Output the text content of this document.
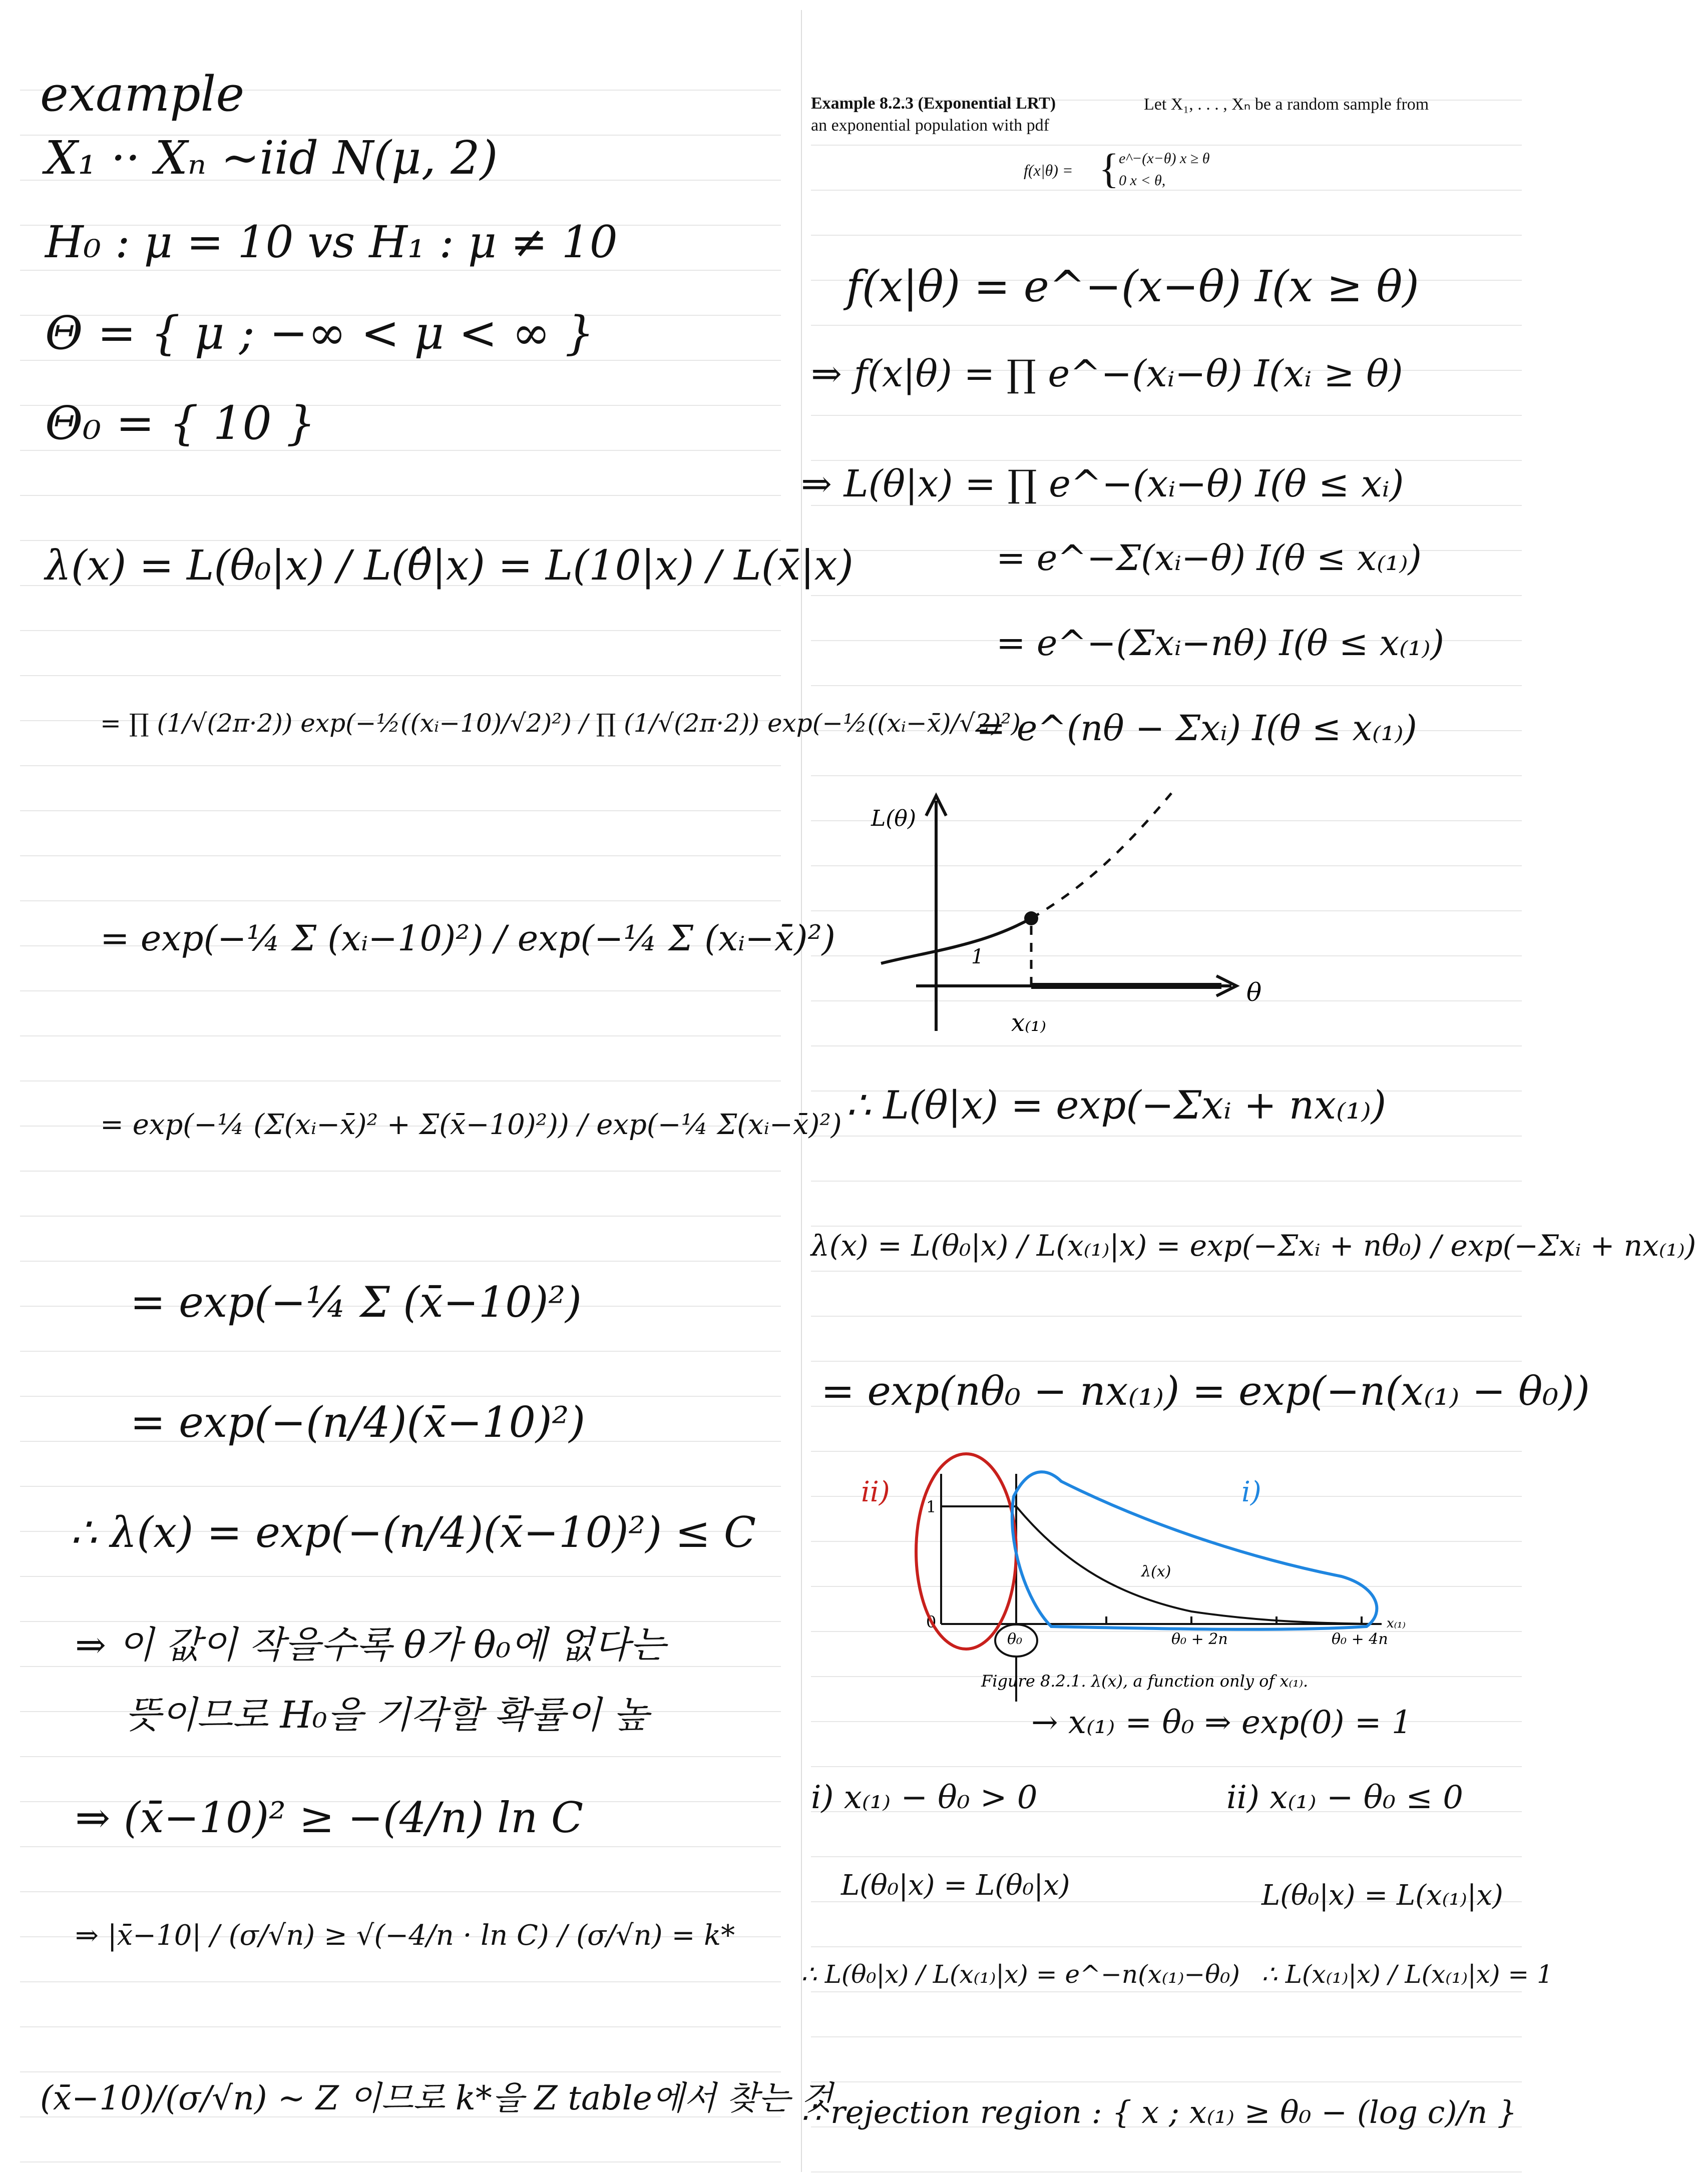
example
X₁ ·· Xₙ ~iid N(μ, 2)
H₀ : μ = 10 vs H₁ : μ ≠ 10
Θ = { μ ; −∞ < μ < ∞ }
Θ₀ = { 10 }
λ(x) = L(θ₀|x) / L(θ̂|x) = L(10|x) / L(x̄|x)
= ∏ (1/√(2π·2)) exp(−½((xᵢ−10)/√2)²) / ∏ (1/√(2π·2)) exp(−½((xᵢ−x̄)/√2)²)
= exp(−¼ Σ (xᵢ−10)²) / exp(−¼ Σ (xᵢ−x̄)²)
= exp(−¼ (Σ(xᵢ−x̄)² + Σ(x̄−10)²)) / exp(−¼ Σ(xᵢ−x̄)²)
= exp(−¼ Σ (x̄−10)²)
= exp(−(n/4)(x̄−10)²)
∴ λ(x) = exp(−(n/4)(x̄−10)²) ≤ C
⇒ 이 값이 작을수록 θ가 θ₀에 없다는
뜻이므로 H₀을 기각할 확률이 높
⇒ (x̄−10)² ≥ −(4/n) ln C
⇒ |x̄−10| / (σ/√n) ≥ √(−4/n · ln C) / (σ/√n) = k*
(x̄−10)/(σ/√n) ~ Z 이므로 k*을 Z table에서 찾는 것
Example 8.2.3 (Exponential LRT)	Let X₁, . . . , Xₙ be a random sample from
an exponential population with pdf
f(x|θ) = { e^−(x−θ) x ≥ θ
0 x < θ,
f(x|θ) = e^−(x−θ) I(x ≥ θ)
⇒ f(x|θ) = ∏ e^−(xᵢ−θ) I(xᵢ ≥ θ)
⇒ L(θ|x) = ∏ e^−(xᵢ−θ) I(θ ≤ xᵢ)
= e^−Σ(xᵢ−θ) I(θ ≤ x₍₁₎)
= e^−(Σxᵢ−nθ) I(θ ≤ x₍₁₎)
= e^(nθ − Σxᵢ) I(θ ≤ x₍₁₎)
L(θ)
θ
1
x₍₁₎
∴ L(θ|x) = exp(−Σxᵢ + nx₍₁₎)
λ(x) = L(θ₀|x) / L(x₍₁₎|x) = exp(−Σxᵢ + nθ₀) / exp(−Σxᵢ + nx₍₁₎)
= exp(nθ₀ − nx₍₁₎) = exp(−n(x₍₁₎ − θ₀))
1
0
λ(x)
θ₀	θ₀ + 2n	θ₀ + 4n
x₍₁₎
Figure 8.2.1. λ(x), a function only of x₍₁₎.
ii)	i)
→ x₍₁₎ = θ₀ ⇒ exp(0) = 1
i) x₍₁₎ − θ₀ > 0	ii) x₍₁₎ − θ₀ ≤ 0
L(θ₀|x) = L(θ₀|x)	L(θ₀|x) = L(x₍₁₎|x)
∴ L(θ₀|x) / L(x₍₁₎|x) = e^−n(x₍₁₎−θ₀) ∴ L(x₍₁₎|x) / L(x₍₁₎|x) = 1
∴ rejection region : { x ; x₍₁₎ ≥ θ₀ − (log c)/n }
